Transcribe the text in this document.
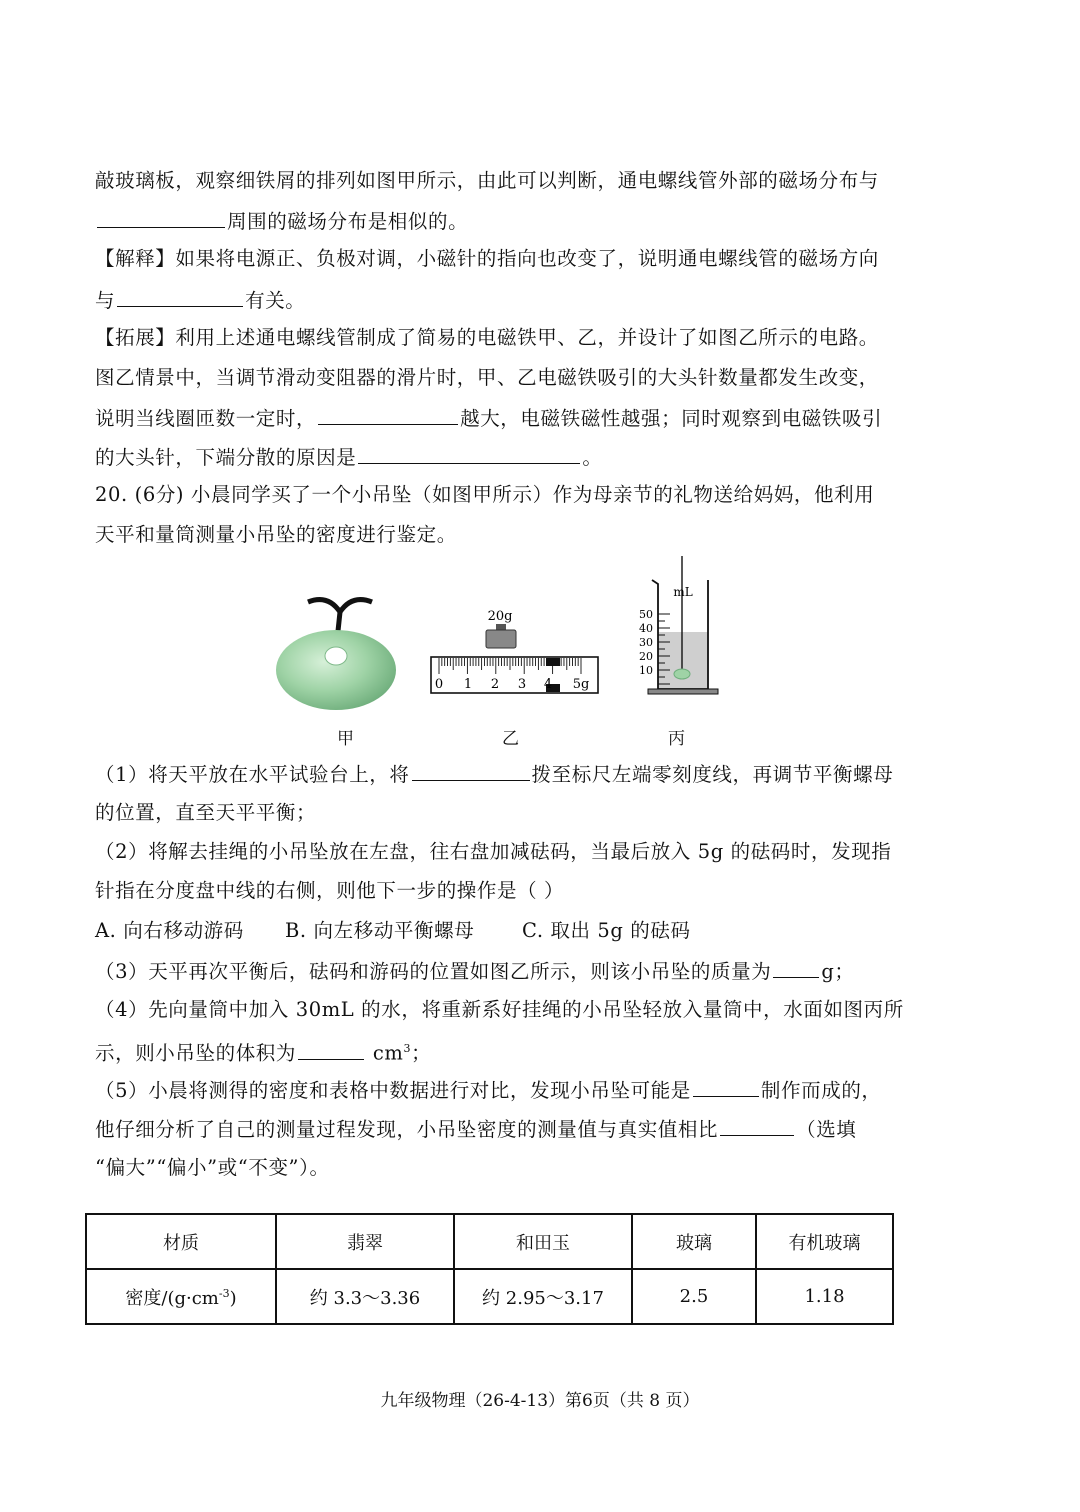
敲玻璃板，观察细铁屑的排列如图甲所示，由此可以判断，通电螺线管外部的磁场分布与
周围的磁场分布是相似的。
【解释】如果将电源正、负极对调，小磁针的指向也改变了，说明通电螺线管的磁场方向
与	有关。
【拓展】利用上述通电螺线管制成了简易的电磁铁甲、乙，并设计了如图乙所示的电路。
图乙情景中，当调节滑动变阻器的滑片时，甲、乙电磁铁吸引的大头针数量都发生改变，
说明当线圈匝数一定时，	越大，电磁铁磁性越强；同时观察到电磁铁吸引
的大头针，下端分散的原因是	。
20. (6分) 小晨同学买了一个小吊坠（如图甲所示）作为母亲节的礼物送给妈妈，他利用
天平和量筒测量小吊坠的密度进行鉴定。
20g
0 1 2 3 4 5g
mL
50
40
30
20
10
甲	乙	丙
（1）将天平放在水平试验台上，将	拨至标尺左端零刻度线，再调节平衡螺母
的位置，直至天平平衡；
（2）将解去挂绳的小吊坠放在左盘，往右盘加减砝码，当最后放入 5g 的砝码时，发现指
针指在分度盘中线的右侧，则他下一步的操作是（ ）
A. 向右移动游码 B. 向左移动平衡螺母 C. 取出 5g 的砝码
（3）天平再次平衡后，砝码和游码的位置如图乙所示，则该小吊坠的质量为	g；
（4）先向量筒中加入 30mL 的水，将重新系好挂绳的小吊坠轻放入量筒中，水面如图丙所
示，则小吊坠的体积为	$cm^3$；
（5）小晨将测得的密度和表格中数据进行对比，发现小吊坠可能是	制作而成的，
他仔细分析了自己的测量过程发现，小吊坠密度的测量值与真实值相比	（选填
“偏大”“偏小”或“不变”）。
材质	翡翠	和田玉	玻璃	有机玻璃
密度$/(g\cdot cm^{-3})$	约 3.3～3.36	约 2.95～3.17	2.5	1.18
九年级物理（26-4-13）第6页（共 8 页）
